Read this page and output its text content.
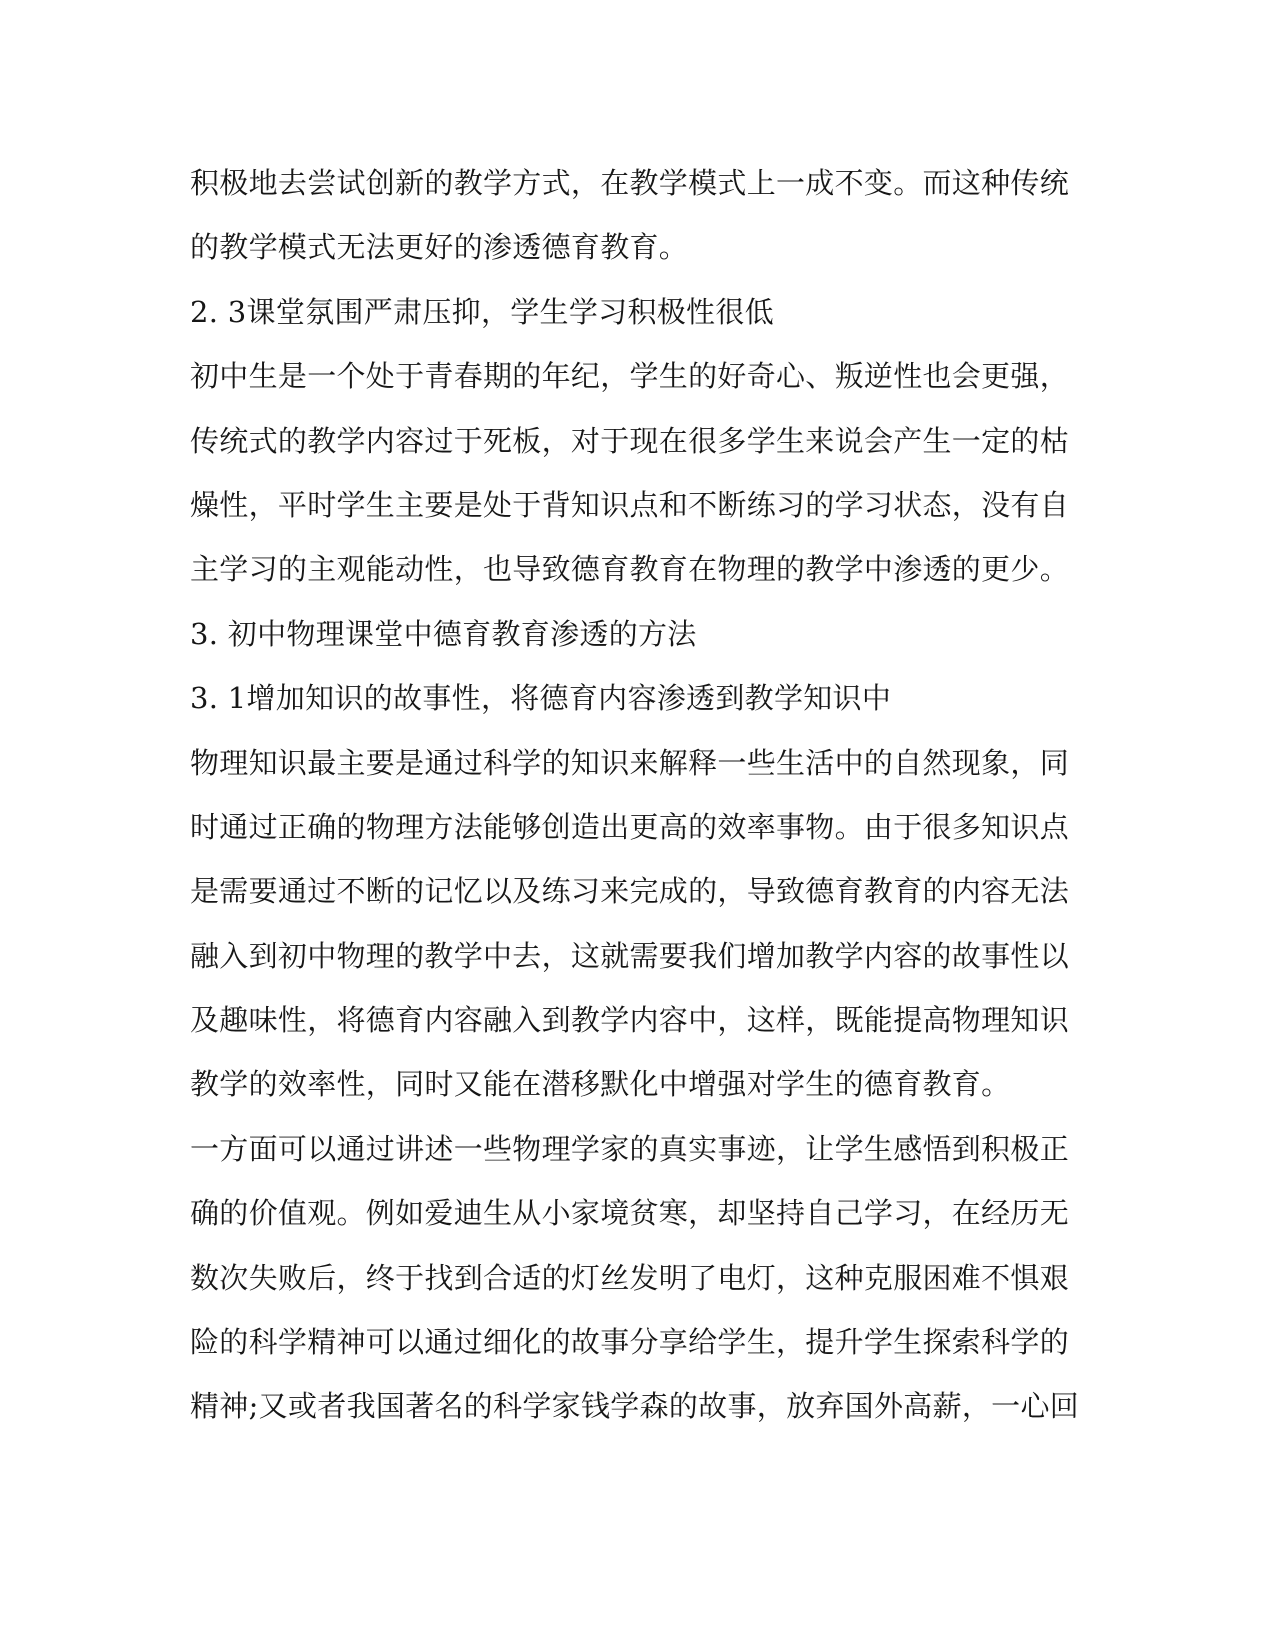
积极地去尝试创新的教学方式，在教学模式上一成不变。而这种传统
的教学模式无法更好的渗透德育教育。
2. 3课堂氛围严肃压抑，学生学习积极性很低
初中生是一个处于青春期的年纪，学生的好奇心、叛逆性也会更强，
传统式的教学内容过于死板，对于现在很多学生来说会产生一定的枯
燥性，平时学生主要是处于背知识点和不断练习的学习状态，没有自
主学习的主观能动性，也导致德育教育在物理的教学中渗透的更少。
3. 初中物理课堂中德育教育渗透的方法
3. 1增加知识的故事性，将德育内容渗透到教学知识中
物理知识最主要是通过科学的知识来解释一些生活中的自然现象，同
时通过正确的物理方法能够创造出更高的效率事物。由于很多知识点
是需要通过不断的记忆以及练习来完成的，导致德育教育的内容无法
融入到初中物理的教学中去，这就需要我们增加教学内容的故事性以
及趣味性，将德育内容融入到教学内容中，这样，既能提高物理知识
教学的效率性，同时又能在潜移默化中增强对学生的德育教育。
一方面可以通过讲述一些物理学家的真实事迹，让学生感悟到积极正
确的价值观。例如爱迪生从小家境贫寒，却坚持自己学习，在经历无
数次失败后，终于找到合适的灯丝发明了电灯，这种克服困难不惧艰
险的科学精神可以通过细化的故事分享给学生，提升学生探索科学的
精神;又或者我国著名的科学家钱学森的故事，放弃国外高薪，一心回
